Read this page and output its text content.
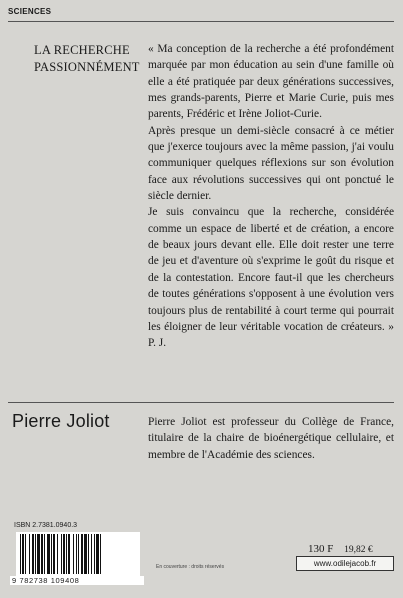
SCIENCES
LA RECHERCHE
PASSIONNÉMENT

« Ma conception de la recherche a été profondément marquée par mon éducation au sein d'une famille où elle a été pratiquée par deux générations successives, mes grands-parents, Pierre et Marie Curie, puis mes parents, Frédéric et Irène Joliot-Curie.

Après presque un demi-siècle consacré à ce métier que j'exerce toujours avec la même passion, j'ai voulu communiquer quelques réflexions sur son évolution face aux révolutions successives qui ont ponctué le siècle dernier.

Je suis convaincu que la recherche, considérée comme un espace de liberté et de création, a encore de beaux jours devant elle. Elle doit rester une terre de jeu et d'aventure où s'exprime le goût du risque et de la contestation. Encore faut-il que les chercheurs de toutes générations s'opposent à une évolution vers toujours plus de rentabilité à court terme qui pourrait les éloigner de leur véritable vocation de créateurs. » P. J.

Pierre Joliot	Pierre Joliot est professeur du Collège de France, titulaire de la chaire de bioénergétique cellulaire, et membre de l'Académie des sciences.
ISBN 2.7381.0940.3
9 782738 109408
En couverture : droits réservés
130 F 19,82 €
www.odilejacob.fr
